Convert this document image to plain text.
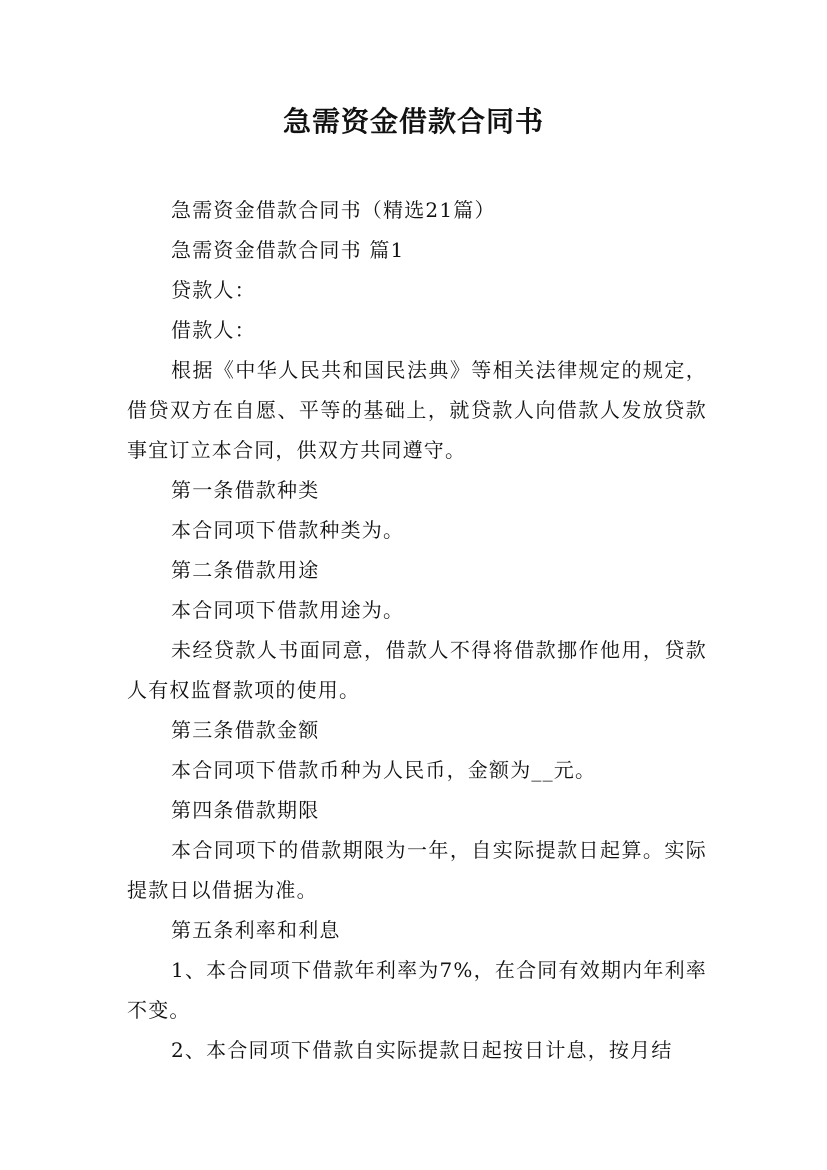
急需资金借款合同书

急需资金借款合同书（精选21篇）

急需资金借款合同书 篇1

贷款人：

借款人：

根据《中华人民共和国民法典》等相关法律规定的规定，借贷双方在自愿、平等的基础上，就贷款人向借款人发放贷款事宜订立本合同，供双方共同遵守。

第一条借款种类

本合同项下借款种类为。

第二条借款用途

本合同项下借款用途为。

未经贷款人书面同意，借款人不得将借款挪作他用，贷款人有权监督款项的使用。

第三条借款金额

本合同项下借款币种为人民币，金额为__元。

第四条借款期限

本合同项下的借款期限为一年，自实际提款日起算。实际提款日以借据为准。

第五条利率和利息

1、本合同项下借款年利率为7%，在合同有效期内年利率不变。

2、本合同项下借款自实际提款日起按日计息，按月结
